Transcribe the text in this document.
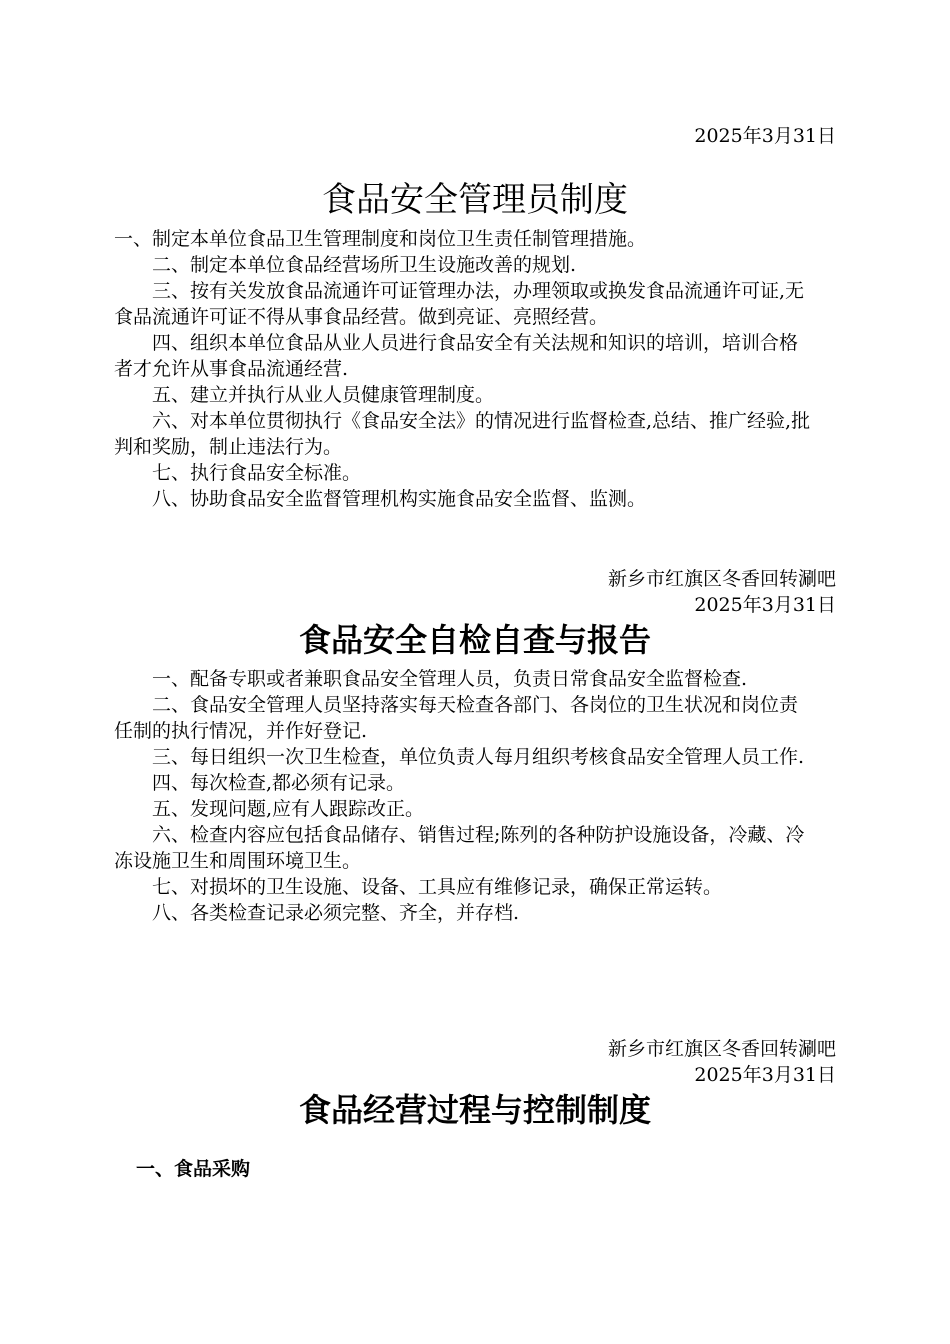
2025年3月31日
食品安全管理员制度

一、制定本单位食品卫生管理制度和岗位卫生责任制管理措施。

二、制定本单位食品经营场所卫生设施改善的规划.

三、按有关发放食品流通许可证管理办法，办理领取或换发食品流通许可证,无食品流通许可证不得从事食品经营。做到亮证、亮照经营。

四、组织本单位食品从业人员进行食品安全有关法规和知识的培训，培训合格者才允许从事食品流通经营.

五、建立并执行从业人员健康管理制度。

六、对本单位贯彻执行《食品安全法》的情况进行监督检查,总结、推广经验,批判和奖励，制止违法行为。

七、执行食品安全标准。

八、协助食品安全监督管理机构实施食品安全监督、监测。

新乡市红旗区冬香回转涮吧
2025年3月31日
食品安全自检自查与报告

一、配备专职或者兼职食品安全管理人员，负责日常食品安全监督检查.

二、食品安全管理人员坚持落实每天检查各部门、各岗位的卫生状况和岗位责任制的执行情况，并作好登记.

三、每日组织一次卫生检查，单位负责人每月组织考核食品安全管理人员工作.

四、每次检查,都必须有记录。

五、发现问题,应有人跟踪改正。

六、检查内容应包括食品储存、销售过程;陈列的各种防护设施设备，冷藏、冷冻设施卫生和周围环境卫生。

七、对损坏的卫生设施、设备、工具应有维修记录，确保正常运转。

八、各类检查记录必须完整、齐全，并存档.

新乡市红旗区冬香回转涮吧
2025年3月31日
食品经营过程与控制制度
一、食品采购
